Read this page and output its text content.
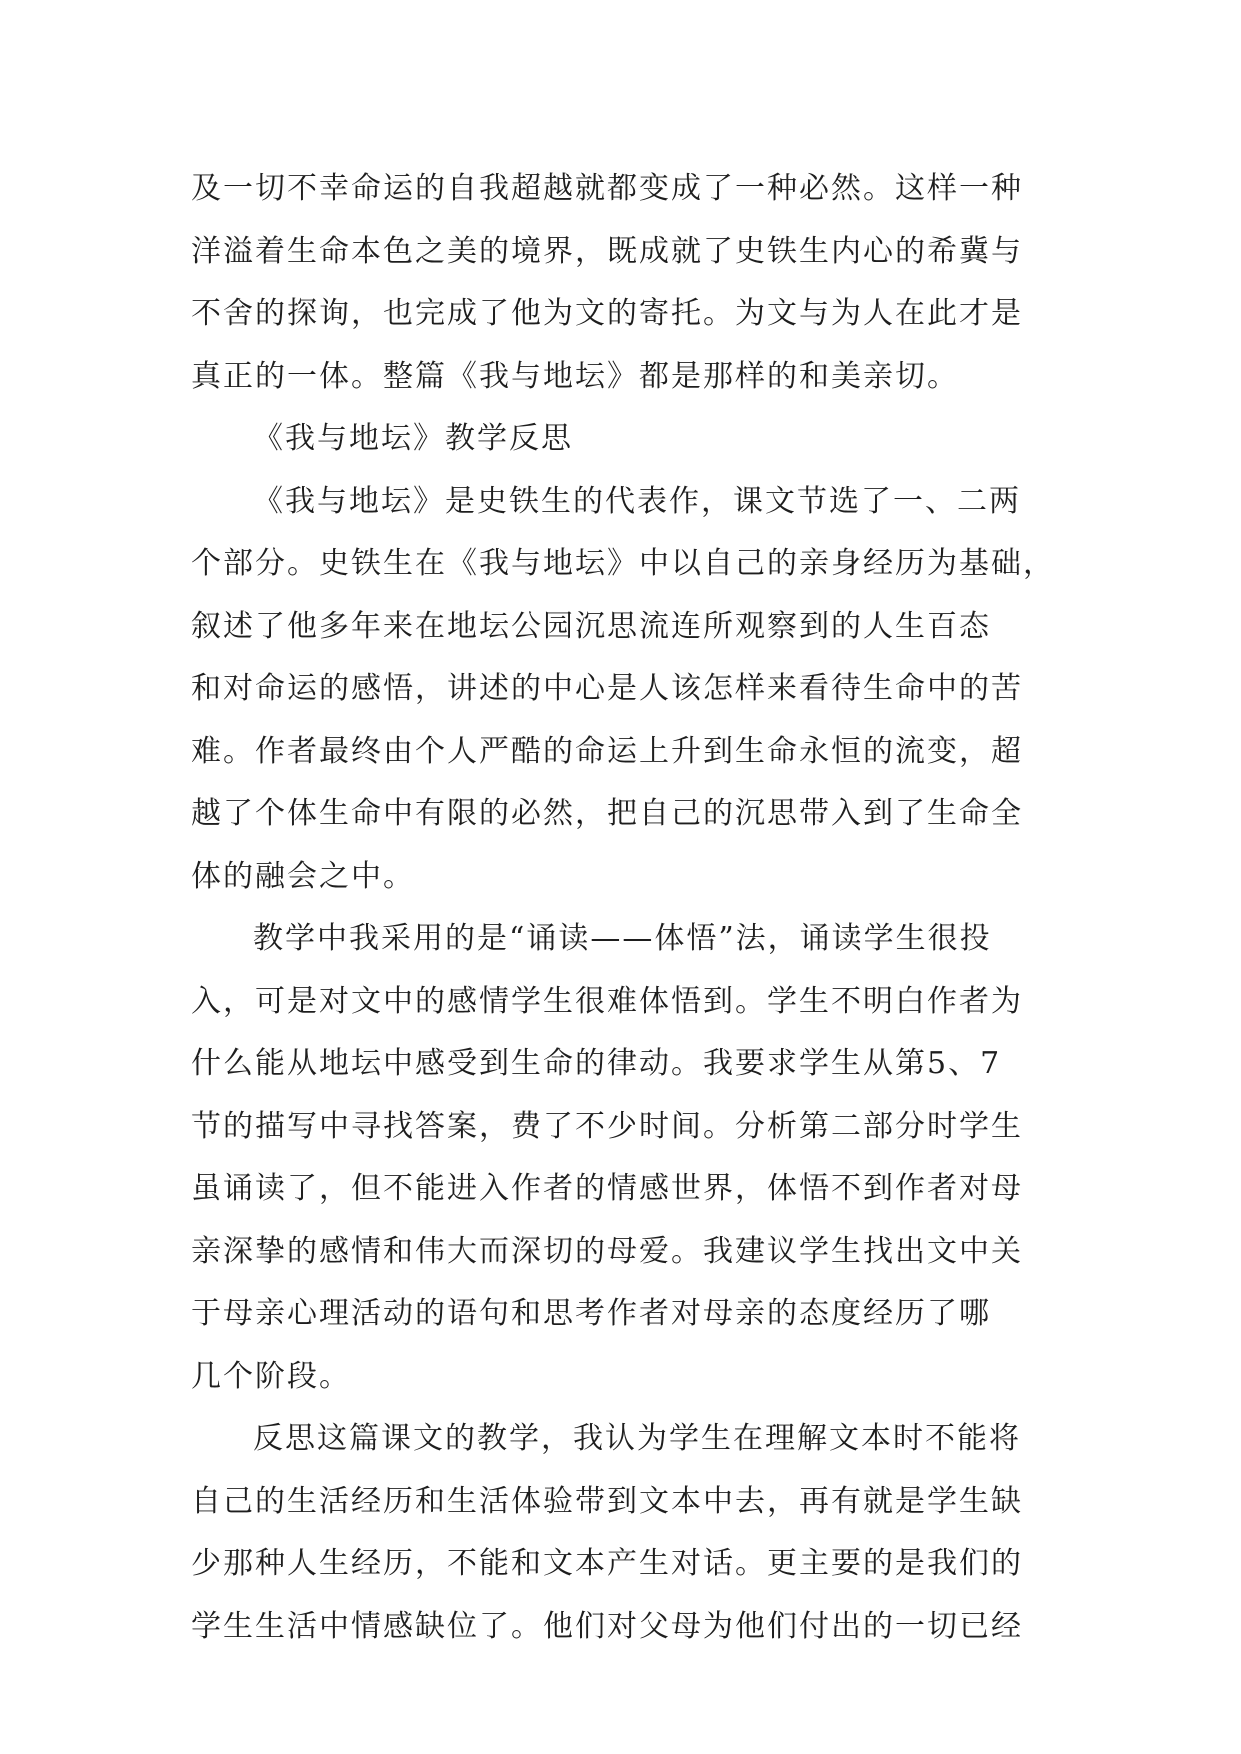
及一切不幸命运的自我超越就都变成了一种必然。这样一种
洋溢着生命本色之美的境界，既成就了史铁生内心的希冀与
不舍的探询，也完成了他为文的寄托。为文与为人在此才是
真正的一体。整篇《我与地坛》都是那样的和美亲切。
《我与地坛》教学反思
《我与地坛》是史铁生的代表作，课文节选了一、二两
个部分。史铁生在《我与地坛》中以自己的亲身经历为基础，
叙述了他多年来在地坛公园沉思流连所观察到的人生百态
和对命运的感悟，讲述的中心是人该怎样来看待生命中的苦
难。作者最终由个人严酷的命运上升到生命永恒的流变，超
越了个体生命中有限的必然，把自己的沉思带入到了生命全
体的融会之中。
教学中我采用的是“诵读——体悟”法，诵读学生很投
入，可是对文中的感情学生很难体悟到。学生不明白作者为
什么能从地坛中感受到生命的律动。我要求学生从第5、7
节的描写中寻找答案，费了不少时间。分析第二部分时学生
虽诵读了，但不能进入作者的情感世界，体悟不到作者对母
亲深挚的感情和伟大而深切的母爱。我建议学生找出文中关
于母亲心理活动的语句和思考作者对母亲的态度经历了哪
几个阶段。
反思这篇课文的教学，我认为学生在理解文本时不能将
自己的生活经历和生活体验带到文本中去，再有就是学生缺
少那种人生经历，不能和文本产生对话。更主要的是我们的
学生生活中情感缺位了。他们对父母为他们付出的一切已经
